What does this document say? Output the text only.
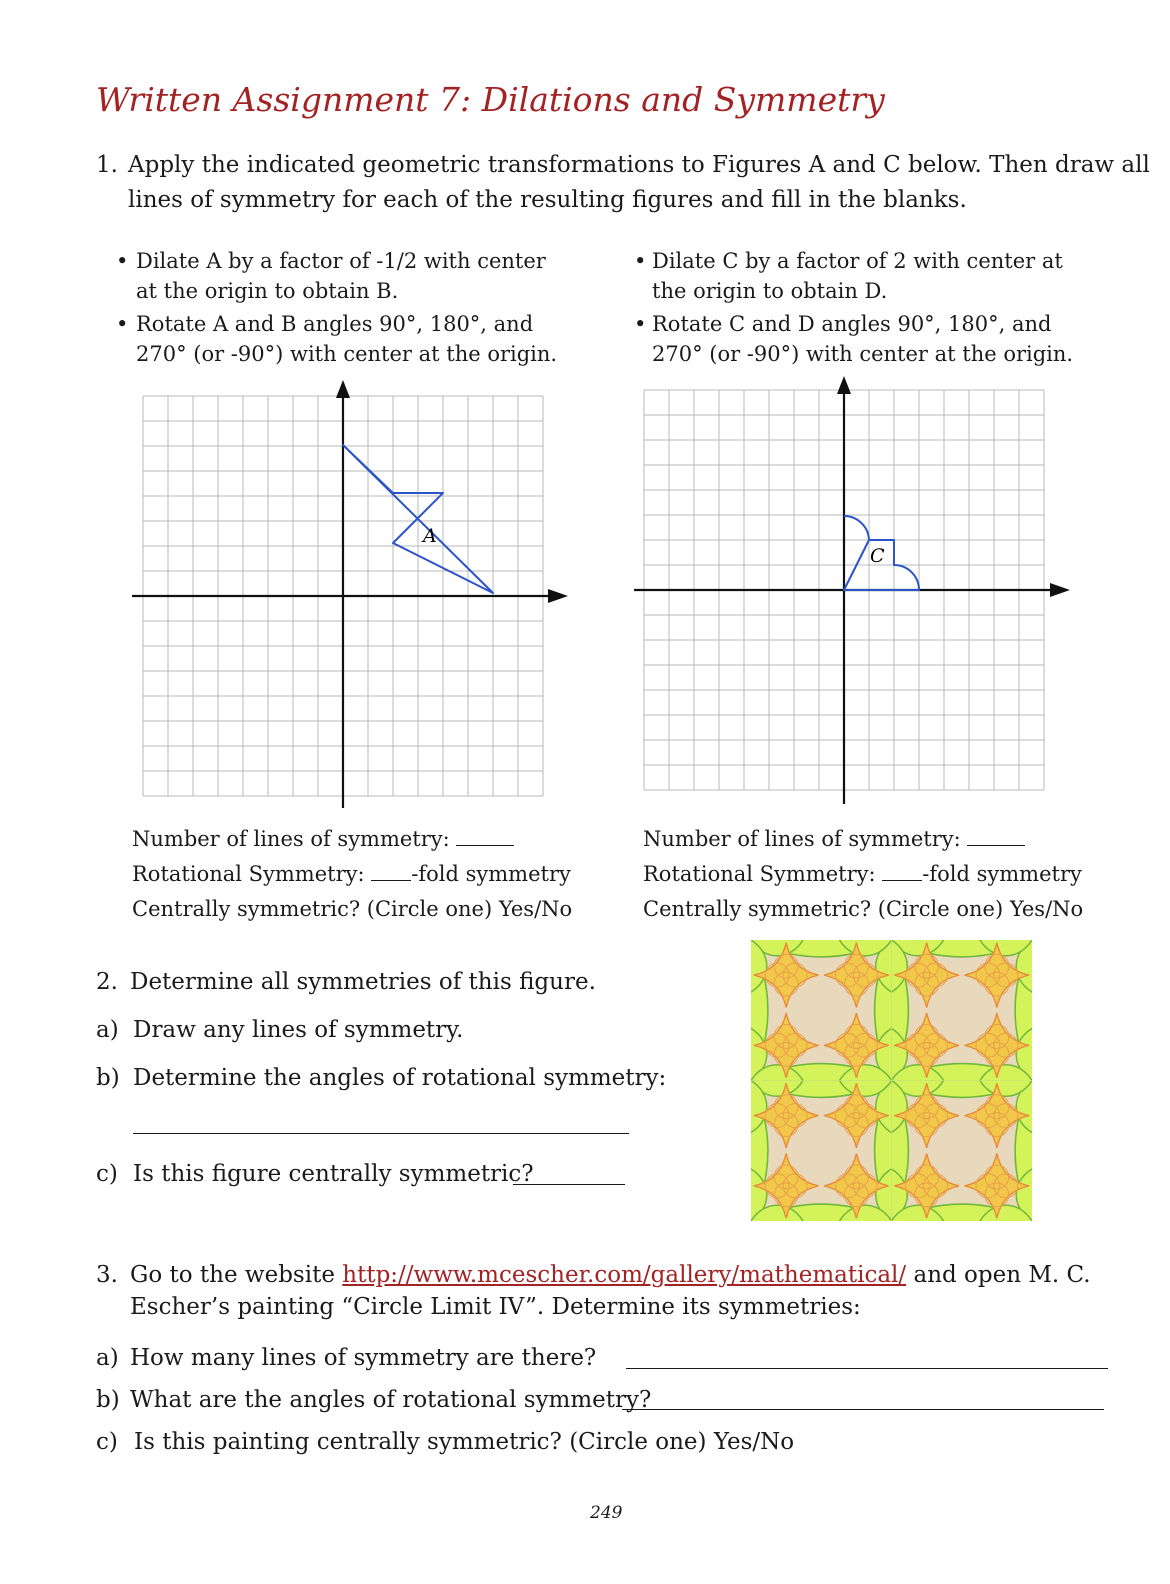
Written Assignment 7: Dilations and Symmetry
1. Apply the indicated geometric transformations to Figures A and C below. Then draw all
lines of symmetry for each of the resulting figures and fill in the blanks.
• Dilate A by a factor of -1/2 with center
at the origin to obtain B.
• Rotate A and B angles 90°, 180°, and
270° (or -90°) with center at the origin.
• Dilate C by a factor of 2 with center at
the origin to obtain D.
• Rotate C and D angles 90°, 180°, and
270° (or -90°) with center at the origin.
A
C
Number of lines of symmetry:
Rotational Symmetry: -fold symmetry
Centrally symmetric? (Circle one) Yes/No
Number of lines of symmetry:
Rotational Symmetry: -fold symmetry
Centrally symmetric? (Circle one) Yes/No
2. Determine all symmetries of this figure.
a) Draw any lines of symmetry.
b) Determine the angles of rotational symmetry:
c) Is this figure centrally symmetric?
3. Go to the website http://www.mcescher.com/gallery/mathematical/ and open M. C.
Escher’s painting “Circle Limit IV”. Determine its symmetries:
a) How many lines of symmetry are there?
b) What are the angles of rotational symmetry?
c) Is this painting centrally symmetric? (Circle one) Yes/No
249
